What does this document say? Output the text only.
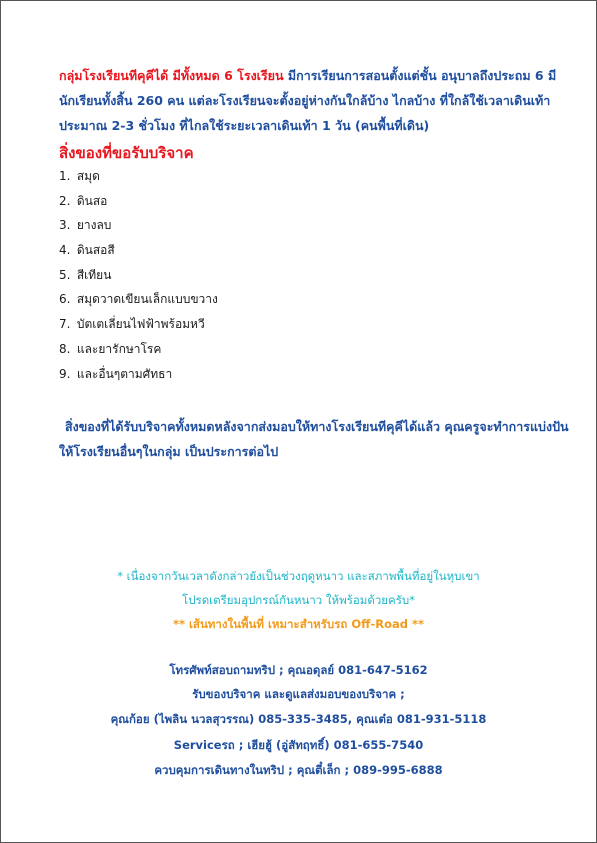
กลุ่มโรงเรียนทีคุคีได้ มีทั้งหมด 6 โรงเรียน มีการเรียนการสอนตั้งแต่ชั้น อนุบาลถึงประถม 6 มีนักเรียนทั้งสิ้น 260 คน แต่ละโรงเรียนจะตั้งอยู่ห่างกันใกล้บ้าง ไกลบ้าง ที่ใกล้ใช้เวลาเดินเท้าประมาณ 2-3 ชั่วโมง ที่ไกลใช้ระยะเวลาเดินเท้า 1 วัน (คนพื้นที่เดิน)
สิ่งของที่ขอรับบริจาค
1. สมุด
2. ดินสอ
3. ยางลบ
4. ดินสอสี
5. สีเทียน
6. สมุดวาดเขียนเล็กแบบขวาง
7. บัตเตเลี่ยนไฟฟ้าพร้อมหวี
8. และยารักษาโรค
9. และอื่นๆตามศัทธา
สิ่งของที่ได้รับบริจาคทั้งหมดหลังจากส่งมอบให้ทางโรงเรียนทีคุคีได้แล้ว คุณครูจะทำการแบ่งปันให้โรงเรียนอื่นๆในกลุ่ม เป็นประการต่อไป
* เนื่องจากวันเวลาดังกล่าวยังเป็นช่วงฤดูหนาว และสภาพพื้นที่อยู่ในหุบเขา
โปรดเตรียมอุปกรณ์กันหนาว ให้พร้อมด้วยครับ*
** เส้นทางในพื้นที่ เหมาะสำหรับรถ Off-Road **
โทรศัพท์สอบถามทริป ; คุณอดุลย์ 081-647-5162
รับของบริจาค และดูแลส่งมอบของบริจาค ;
คุณก้อย (ไพลิน นวลสุวรรณ) 085-335-3485, คุณเต๋อ 081-931-5118
Serviceรถ ; เฮียฮู้ (อู่สัทฤทธิ์) 081-655-7540
ควบคุมการเดินทางในทริป ; คุณตี๋เล็ก ; 089-995-6888
